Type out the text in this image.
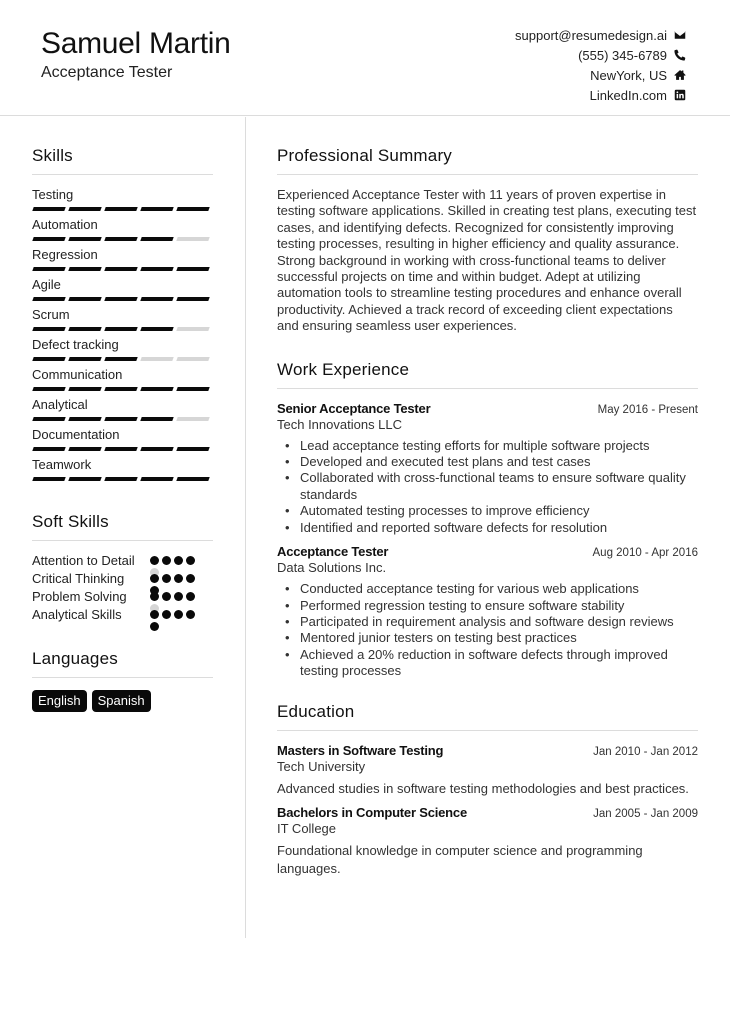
Samuel Martin
Acceptance Tester
support@resumedesign.ai
(555) 345-6789
NewYork, US
LinkedIn.com
Skills
Testing
Automation
Regression
Agile
Scrum
Defect tracking
Communication
Analytical
Documentation
Teamwork
Soft Skills
Attention to Detail
Critical Thinking
Problem Solving
Analytical Skills
Languages
English	Spanish
Professional Summary

Experienced Acceptance Tester with 11 years of proven expertise in testing software applications. Skilled in creating test plans, executing test cases, and identifying defects. Recognized for consistently improving testing processes, resulting in higher efficiency and quality assurance. Strong background in working with cross-functional teams to deliver successful projects on time and within budget. Adept at utilizing automation tools to streamline testing procedures and enhance overall productivity. Achieved a track record of exceeding client expectations and ensuring seamless user experiences.

Work Experience
Senior Acceptance Tester	May 2016 - Present
Tech Innovations LLC
• Lead acceptance testing efforts for multiple software projects
• Developed and executed test plans and test cases
• Collaborated with cross-functional teams to ensure software quality standards
• Automated testing processes to improve efficiency
• Identified and reported software defects for resolution
Acceptance Tester	Aug 2010 - Apr 2016
Data Solutions Inc.
• Conducted acceptance testing for various web applications
• Performed regression testing to ensure software stability
• Participated in requirement analysis and software design reviews
• Mentored junior testers on testing best practices
• Achieved a 20% reduction in software defects through improved testing processes
Education
Masters in Software Testing	Jan 2010 - Jan 2012
Tech University
Advanced studies in software testing methodologies and best practices.
Bachelors in Computer Science	Jan 2005 - Jan 2009
IT College
Foundational knowledge in computer science and programming languages.
